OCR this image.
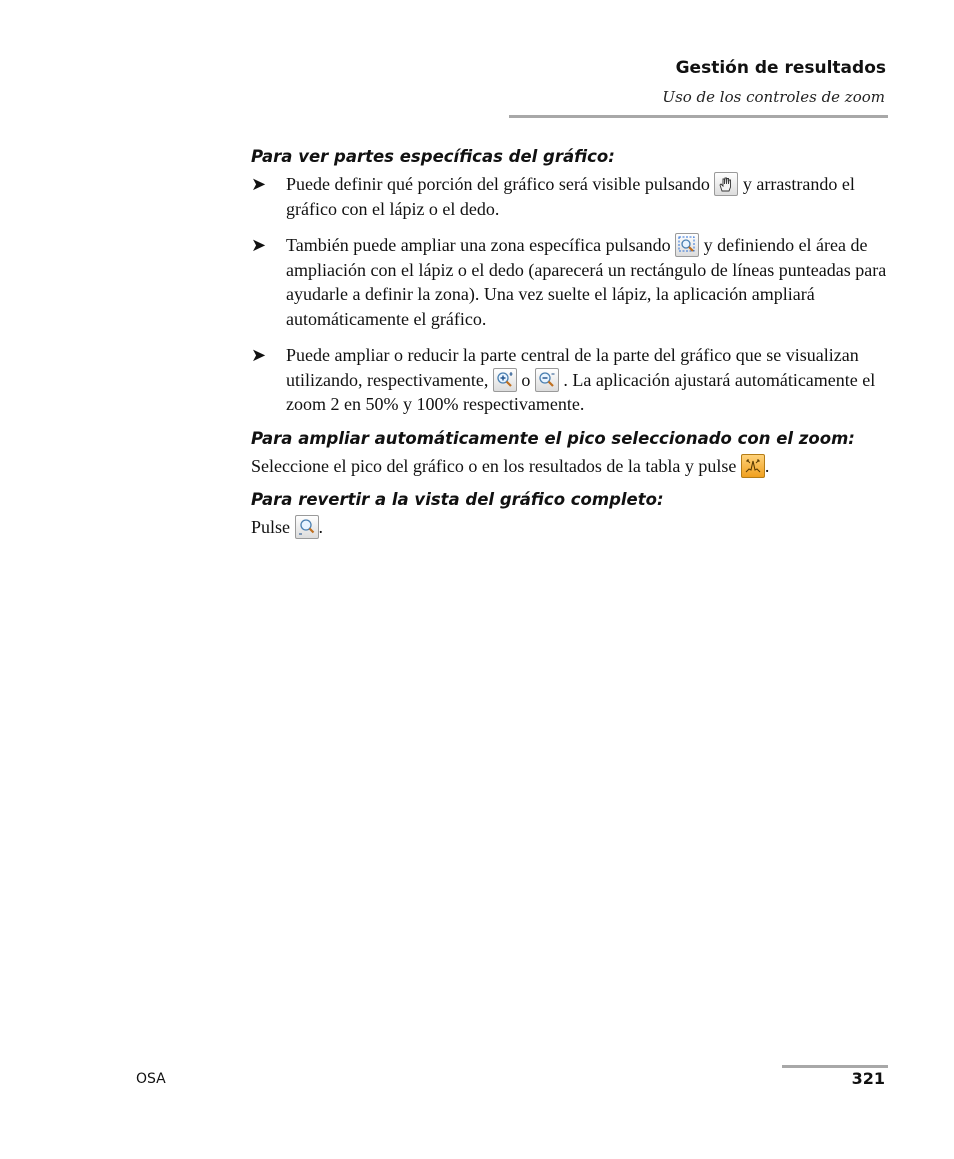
Gestión de resultados
Uso de los controles de zoom
Para ver partes específicas del gráfico:
➤ Puede definir qué porción del gráfico será visible pulsando y arrastrando el gráfico con el lápiz o el dedo.
➤ También puede ampliar una zona específica pulsando y definiendo el área de ampliación con el lápiz o el dedo (aparecerá un rectángulo de líneas punteadas para ayudarle a definir la zona). Una vez suelte el lápiz, la aplicación ampliará automáticamente el gráfico.
➤ Puede ampliar o reducir la parte central de la parte del gráfico que se visualizan utilizando, respectivamente, o . La aplicación ajustará automáticamente el zoom 2 en 50% y 100% respectivamente.
Para ampliar automáticamente el pico seleccionado con el zoom:
Seleccione el pico del gráfico o en los resultados de la tabla y pulse .
Para revertir a la vista del gráfico completo:
Pulse .
OSA	321
